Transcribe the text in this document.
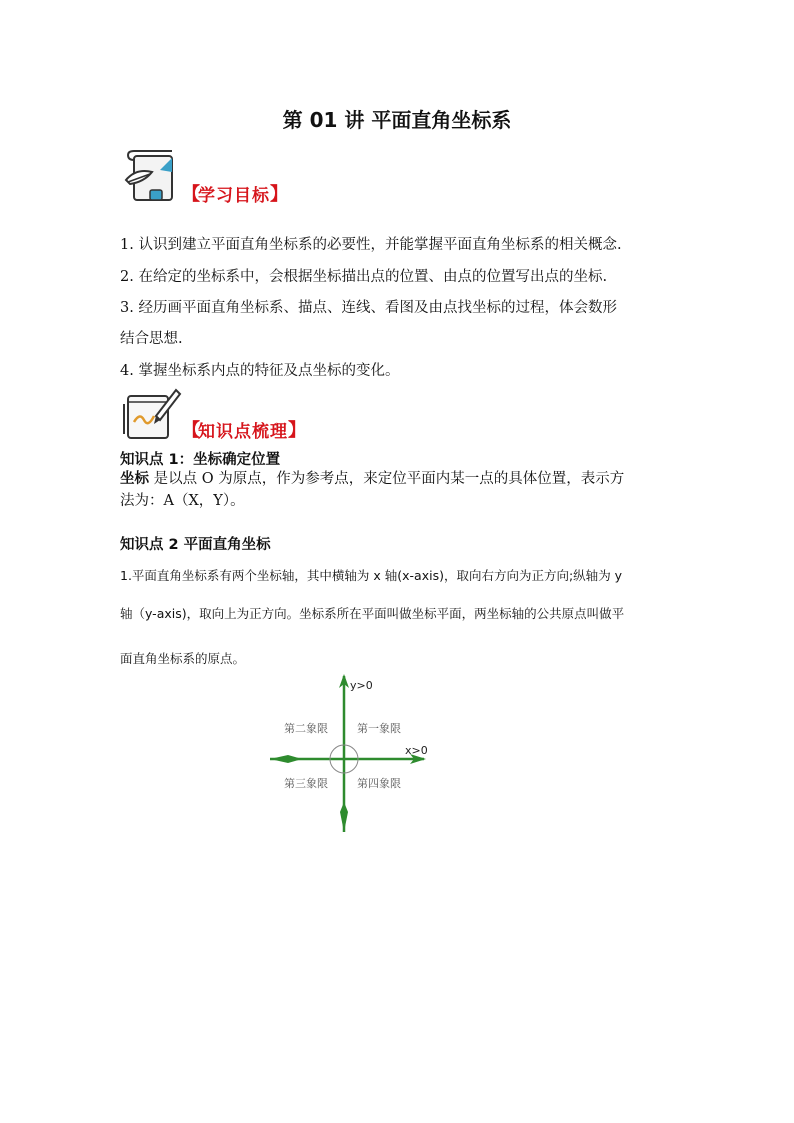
第 01 讲 平面直角坐标系
【
学习目标 】
1. 认识到建立平面直角坐标系的必要性，并能掌握平面直角坐标系的相关概念.
2. 在给定的坐标系中，会根据坐标描出点的位置、由点的位置写出点的坐标.
3. 经历画平面直角坐标系、描点、连线、看图及由点找坐标的过程，体会数形
结合思想.
4. 掌握坐标系内点的特征及点坐标的变化。
【
知识点梳理 】
知识点 1：坐标确定位置
坐标 是以点 O 为原点，作为参考点，来定位平面内某一点的具体位置，表示方
法为：A（X，Y）。
知识点 2 平面直角坐标
1.平面直角坐标系有两个坐标轴，其中横轴为 x 轴(x-axis)，取向右方向为正方向;纵轴为 y
轴（y-axis)，取向上为正方向。坐标系所在平面叫做坐标平面，两坐标轴的公共原点叫做平
面直角坐标系的原点。
y>0
x>0
第一象限
第二象限
第三象限	第四象限
